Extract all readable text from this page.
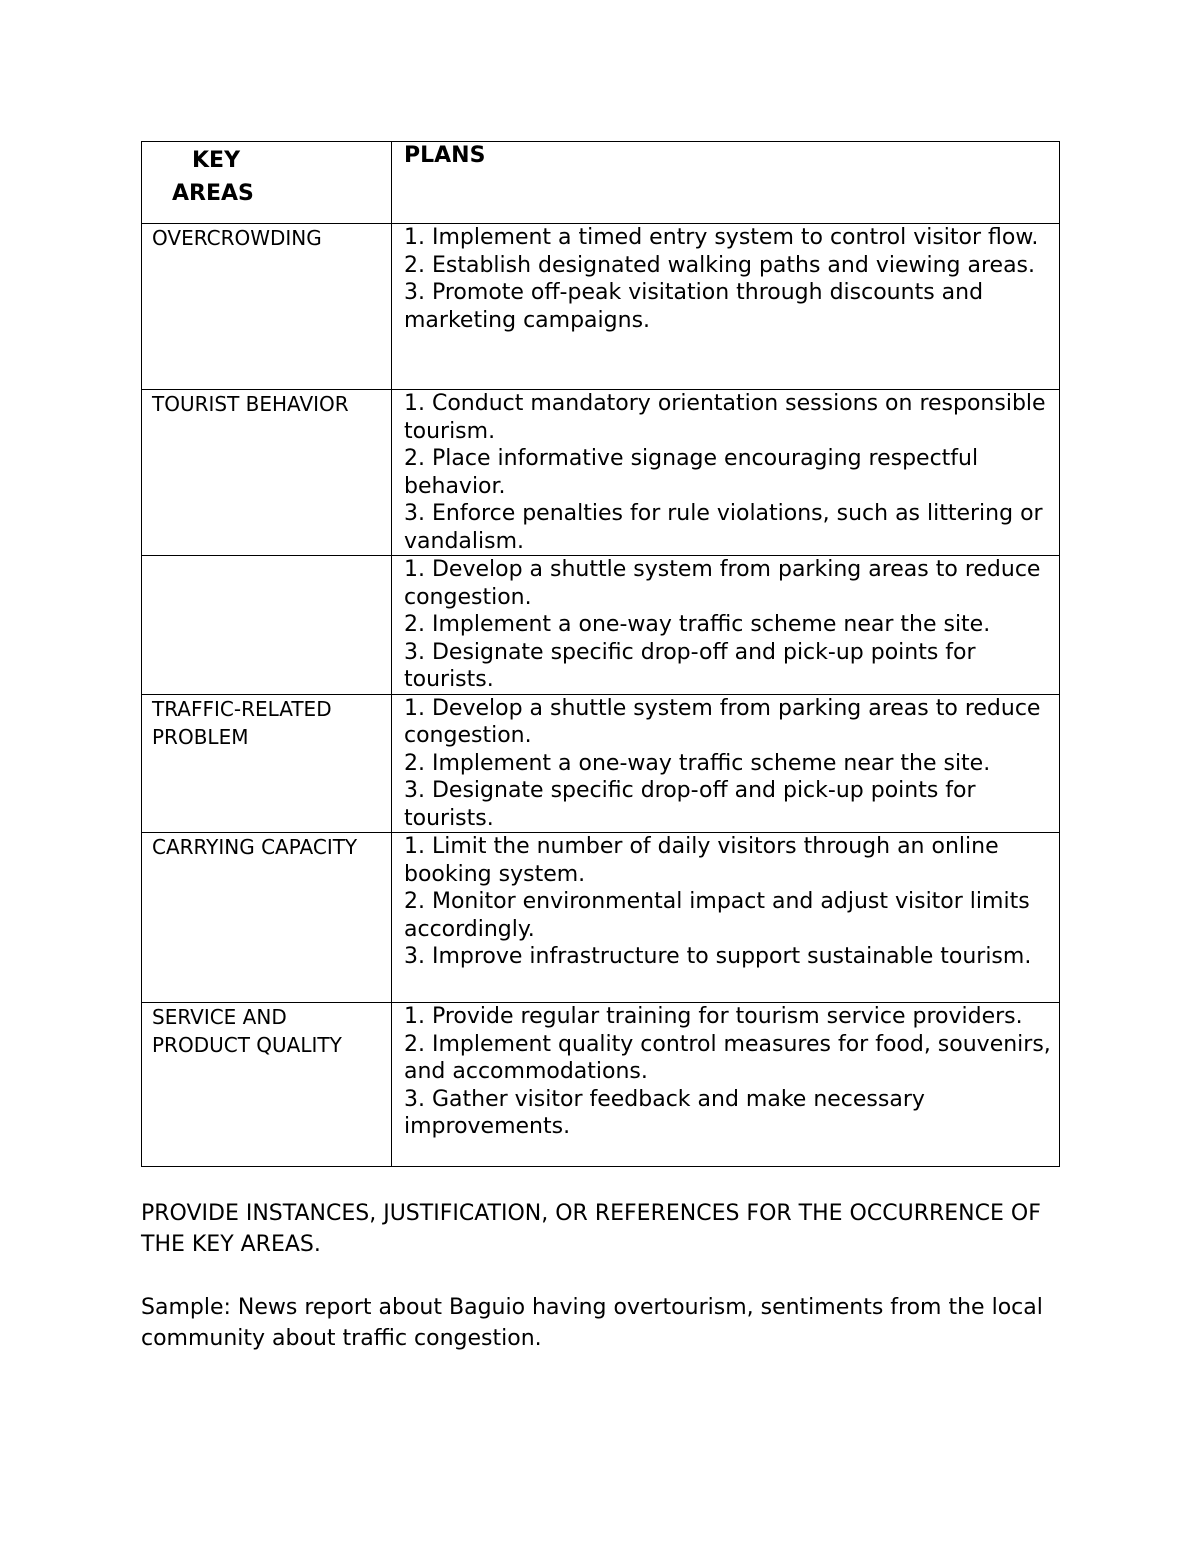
KEY
AREAS	PLANS
OVERCROWDING	1. Implement a timed entry system to control visitor flow.
2. Establish designated walking paths and viewing areas.
3. Promote off-peak visitation through discounts and marketing campaigns.

TOURIST BEHAVIOR	1. Conduct mandatory orientation sessions on responsible tourism.
2. Place informative signage encouraging respectful behavior.
3. Enforce penalties for rule violations, such as littering or vandalism.

	1. Develop a shuttle system from parking areas to reduce congestion.
2. Implement a one-way traffic scheme near the site.
3. Designate specific drop-off and pick-up points for tourists.

TRAFFIC-RELATED PROBLEM	1. Develop a shuttle system from parking areas to reduce congestion.
2. Implement a one-way traffic scheme near the site.
3. Designate specific drop-off and pick-up points for tourists.

CARRYING CAPACITY	1. Limit the number of daily visitors through an online booking system.
2. Monitor environmental impact and adjust visitor limits accordingly.
3. Improve infrastructure to support sustainable tourism.

SERVICE AND PRODUCT QUALITY	1. Provide regular training for tourism service providers.
2. Implement quality control measures for food, souvenirs, and accommodations.
3. Gather visitor feedback and make necessary improvements.

PROVIDE INSTANCES, JUSTIFICATION, OR REFERENCES FOR THE OCCURRENCE OF THE KEY AREAS.

Sample: News report about Baguio having overtourism, sentiments from the local community about traffic congestion.
